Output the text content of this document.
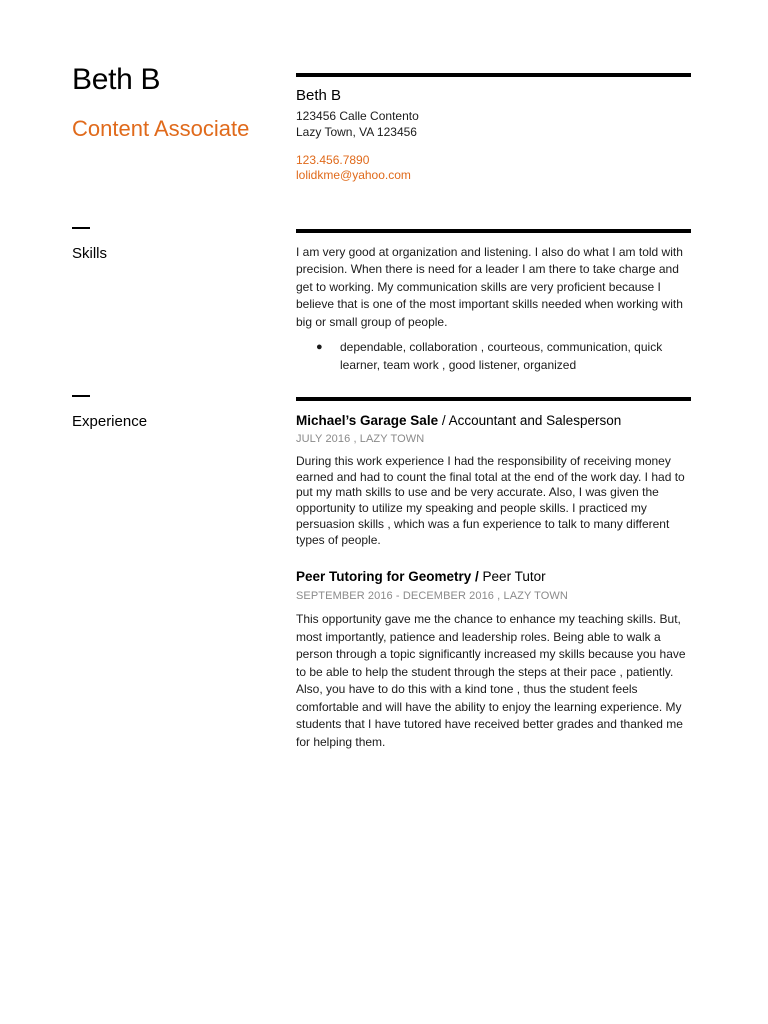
Beth B
Content Associate
Beth B
123456 Calle Contento
Lazy Town, VA 123456
123.456.7890
lolidkme@yahoo.com
Skills	I am very good at organization and listening. I also do what I am told with precision. When there is need for a leader I am there to take charge and get to working. My communication skills are very proficient because I believe that is one of the most important skills needed when working with big or small group of people.
●	dependable, collaboration , courteous, communication, quick learner, team work , good listener, organized
Experience	Michael’s Garage Sale / Accountant and Salesperson
JULY 2016 , LAZY TOWN
During this work experience I had the responsibility of receiving money earned and had to count the final total at the end of the work day. I had to put my math skills to use and be very accurate. Also, I was given the opportunity to utilize my speaking and people skills. I practiced my persuasion skills , which was a fun experience to talk to many different types of people.
Peer Tutoring for Geometry / Peer Tutor
SEPTEMBER 2016 - DECEMBER 2016 , LAZY TOWN
This opportunity gave me the chance to enhance my teaching skills. But, most importantly, patience and leadership roles. Being able to walk a person through a topic significantly increased my skills because you have to be able to help the student through the steps at their pace , patiently. Also, you have to do this with a kind tone , thus the student feels comfortable and will have the ability to enjoy the learning experience. My students that I have tutored have received better grades and thanked me for helping them.
